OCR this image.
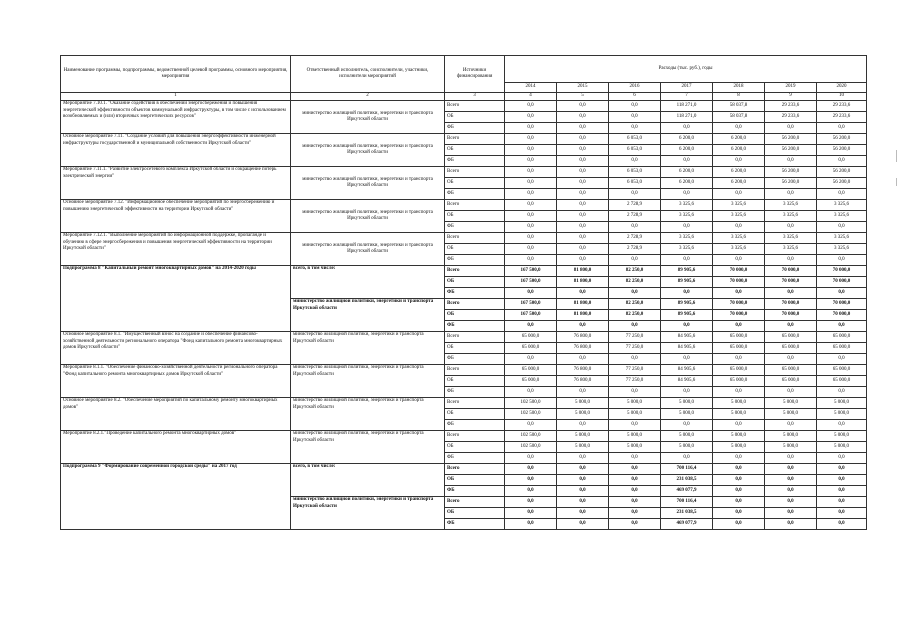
Наименование программы, подпрограммы, ведомственной целевой программы, основного мероприятия, мероприятия	Ответственный исполнитель, соисполнители, участники, исполнители мероприятий	Источники финансирования	Расходы (тыс. руб.), годы						
			2014	2015	2016	2017	2018	2019	2020
1	2	3	4	5	6	7	8	9	10
Мероприятие 7.10.1. "Оказание содействия в обеспечении энергосбережения и повышения энергетической эффективности объектов коммунальной инфраструктуры, в том числе с использованием возобновляемых и (или) вторичных энергетических ресурсов"	министерство жилищной политики, энергетики и транспорта Иркутской области	Всего	0,0	0,0	0,0	118 271,0	58 037,8	29 233,6	29 233,6
		ОБ	0,0	0,0	0,0	118 271,0	58 037,8	29 233,6	29 233,6
		ФБ	0,0	0,0	0,0	0,0	0,0	0,0	0,0
Основное мероприятие 7.11. "Создание условий для повышения энергоэффективности инженерной инфраструктуры государственной и муниципальной собственности Иркутской области"	министерство жилищной политики, энергетики и транспорта Иркутской области	Всего	0,0	0,0	6 053,0	6 200,0	6 200,0	56 200,0	56 200,0
		ОБ	0,0	0,0	6 053,0	6 200,0	6 200,0	56 200,0	56 200,0
		ФБ	0,0	0,0	0,0	0,0	0,0	0,0	0,0
Мероприятие 7.11.1. "Развитие электросетевого комплекса Иркутской области и сокращение потерь электрической энергии"	министерство жилищной политики, энергетики и транспорта Иркутской области	Всего	0,0	0,0	6 053,0	6 200,0	6 200,0	56 200,0	56 200,0
		ОБ	0,0	0,0	6 053,0	6 200,0	6 200,0	56 200,0	56 200,0
		ФБ	0,0	0,0	0,0	0,0	0,0	0,0	0,0
Основное мероприятие 7.12. "Информационное обеспечение мероприятий по энергосбережению и повышению энергетической эффективности на территории Иркутской области"	министерство жилищной политики, энергетики и транспорта Иркутской области	Всего	0,0	0,0	2 728,9	3 325,6	3 325,6	3 325,6	3 325,6
		ОБ	0,0	0,0	2 728,9	3 325,6	3 325,6	3 325,6	3 325,6
		ФБ	0,0	0,0	0,0	0,0	0,0	0,0	0,0
Мероприятие 7.12.1. "Выполнение мероприятий по информационной поддержке, пропаганде и обучению в сфере энергосбережения и повышения энергетической эффективности на территории Иркутской области"	министерство жилищной политики, энергетики и транспорта Иркутской области	Всего	0,0	0,0	2 728,9	3 325,6	3 325,6	3 325,6	3 325,6
		ОБ	0,0	0,0	2 728,9	3 325,6	3 325,6	3 325,6	3 325,6
		ФБ	0,0	0,0	0,0	0,0	0,0	0,0	0,0
Подпрограмма 8 "Капитальный ремонт многоквартирных домов" на 2014-2020 годы	всего, в том числе:	Всего	167 500,0	81 800,0	82 250,0	89 905,6	70 000,0	70 000,0	70 000,0
		ОБ	167 500,0	81 800,0	82 250,0	89 905,6	70 000,0	70 000,0	70 000,0
		ФБ	0,0	0,0	0,0	0,0	0,0	0,0	0,0
	министерство жилищной политики, энергетики и транспорта Иркутской области	Всего	167 500,0	81 800,0	82 250,0	89 905,6	70 000,0	70 000,0	70 000,0
		ОБ	167 500,0	81 800,0	82 250,0	89 905,6	70 000,0	70 000,0	70 000,0
		ФБ	0,0	0,0	0,0	0,0	0,0	0,0	0,0
Основное мероприятие 8.1. "Имущественный взнос на создание и обеспечение финансово-хозяйственной деятельности регионального оператора "Фонд капитального ремонта многоквартирных домов Иркутской области"	министерство жилищной политики, энергетики и транспорта Иркутской области	Всего	65 000,0	76 800,0	77 250,0	84 905,6	65 000,0	65 000,0	65 000,0
		ОБ	65 000,0	76 800,0	77 250,0	84 905,6	65 000,0	65 000,0	65 000,0
		ФБ	0,0	0,0	0,0	0,0	0,0	0,0	0,0
Мероприятие 8.1.1. "Обеспечение финансово-хозяйственной деятельности регионального оператора "Фонд капитального ремонта многоквартирных домов Иркутской области"	министерство жилищной политики, энергетики и транспорта Иркутской области	Всего	65 000,0	76 800,0	77 250,0	84 905,6	65 000,0	65 000,0	65 000,0
		ОБ	65 000,0	76 800,0	77 250,0	84 905,6	65 000,0	65 000,0	65 000,0
		ФБ	0,0	0,0	0,0	0,0	0,0	0,0	0,0
Основное мероприятие 8.2. "Обеспечение мероприятий по капитальному ремонту многоквартирных домов"	министерство жилищной политики, энергетики и транспорта Иркутской области	Всего	102 500,0	5 000,0	5 000,0	5 000,0	5 000,0	5 000,0	5 000,0
		ОБ	102 500,0	5 000,0	5 000,0	5 000,0	5 000,0	5 000,0	5 000,0
		ФБ	0,0	0,0	0,0	0,0	0,0	0,0	0,0
Мероприятие 8.2.1."Проведение капитального ремонта многоквартирных домов"	министерство жилищной политики, энергетики и транспорта Иркутской области	Всего	102 500,0	5 000,0	5 000,0	5 000,0	5 000,0	5 000,0	5 000,0
		ОБ	102 500,0	5 000,0	5 000,0	5 000,0	5 000,0	5 000,0	5 000,0
		ФБ	0,0	0,0	0,0	0,0	0,0	0,0	0,0
Подпрограмма 9 "Формирование современной городской среды" на 2017 год	всего, в том числе:	Всего	0,0	0,0	0,0	700 116,4	0,0	0,0	0,0
		ОБ	0,0	0,0	0,0	231 038,5	0,0	0,0	0,0
		ФБ	0,0	0,0	0,0	469 077,9	0,0	0,0	0,0
	министерство жилищной политики, энергетики и транспорта Иркутской области	Всего	0,0	0,0	0,0	700 116,4	0,0	0,0	0,0
		ОБ	0,0	0,0	0,0	231 038,5	0,0	0,0	0,0
		ФБ	0,0	0,0	0,0	469 077,9	0,0	0,0	0,0
